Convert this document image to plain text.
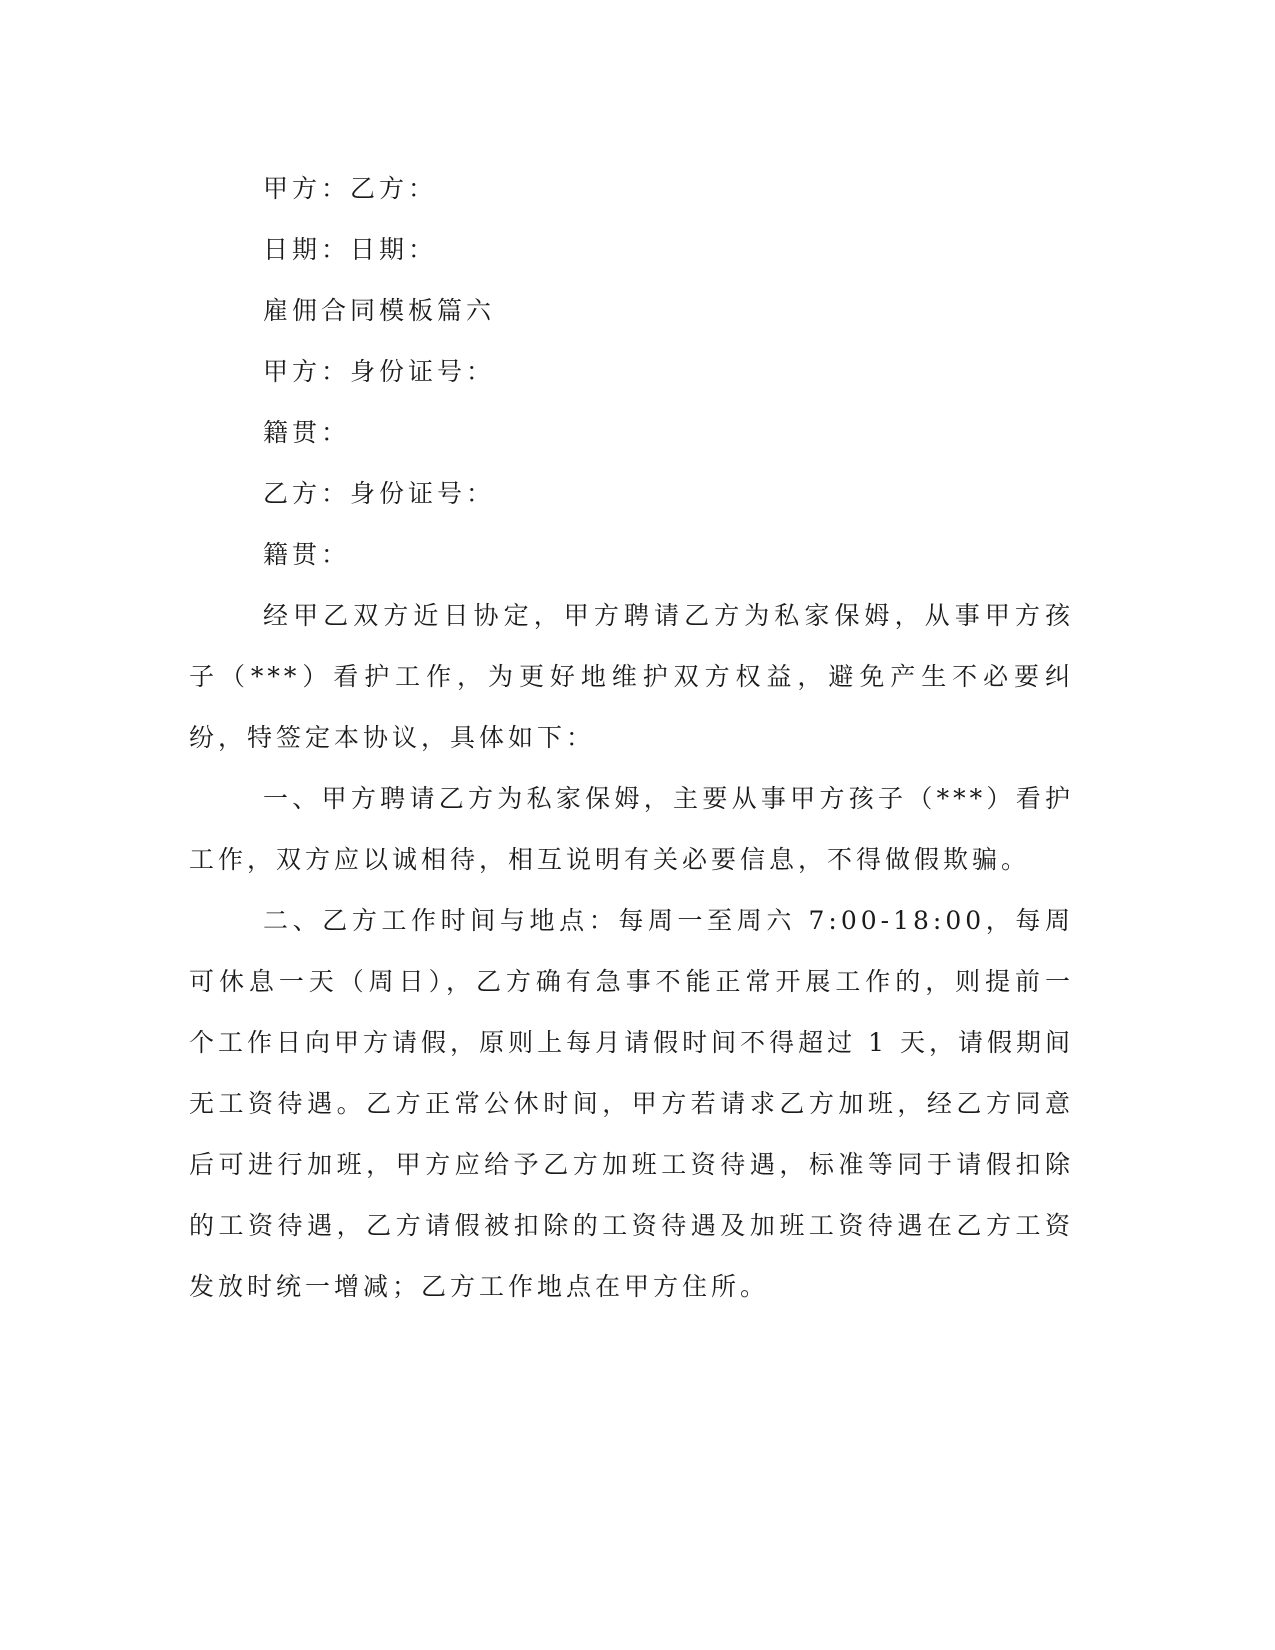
甲方：乙方：
日期：日期：
雇佣合同模板篇六
甲方：身份证号：
籍贯：
乙方：身份证号：
籍贯：

经甲乙双方近日协定，甲方聘请乙方为私家保姆，从事甲方孩子（***）看护工作，为更好地维护双方权益，避免产生不必要纠纷，特签定本协议，具体如下：

一、甲方聘请乙方为私家保姆，主要从事甲方孩子（***）看护工作，双方应以诚相待，相互说明有关必要信息，不得做假欺骗。

二、乙方工作时间与地点：每周一至周六 7:00-18:00，每周可休息一天（周日），乙方确有急事不能正常开展工作的，则提前一个工作日向甲方请假，原则上每月请假时间不得超过 1 天，请假期间无工资待遇。乙方正常公休时间，甲方若请求乙方加班，经乙方同意后可进行加班，甲方应给予乙方加班工资待遇，标准等同于请假扣除的工资待遇，乙方请假被扣除的工资待遇及加班工资待遇在乙方工资发放时统一增减；乙方工作地点在甲方住所。
